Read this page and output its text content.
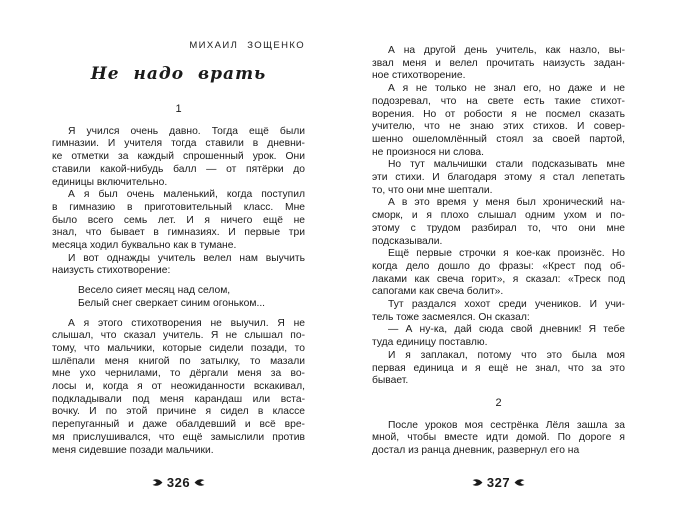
МИХАИЛ ЗОЩЕНКО
Не надо врать
1
Я учился очень давно. Тогда ещё были
гимназии. И учителя тогда ставили в дневни-
ке отметки за каждый спрошенный урок. Они
ставили какой-нибудь балл — от пятёрки до
единицы включительно.
А я был очень маленький, когда поступил
в гимназию в приготовительный класс. Мне
было всего семь лет. И я ничего ещё не
знал, что бывает в гимназиях. И первые три
месяца ходил буквально как в тумане.
И вот однажды учитель велел нам выучить
наизусть стихотворение:
Весело сияет месяц над селом,
Белый снег сверкает синим огоньком...
А я этого стихотворения не выучил. Я не
слышал, что сказал учитель. Я не слышал по-
тому, что мальчики, которые сидели позади, то
шлёпали меня книгой по затылку, то мазали
мне ухо чернилами, то дёргали меня за во-
лосы и, когда я от неожиданности вскакивал,
подкладывали под меня карандаш или вста-
вочку. И по этой причине я сидел в классе
перепуганный и даже обалдевший и всё вре-
мя прислушивался, что ещё замыслили против
меня сидевшие позади мальчики.
326
А на другой день учитель, как назло, вы-
звал меня и велел прочитать наизусть задан-
ное стихотворение.
А я не только не знал его, но даже и не
подозревал, что на свете есть такие стихот-
ворения. Но от робости я не посмел сказать
учителю, что не знаю этих стихов. И совер-
шенно ошеломлённый стоял за своей партой,
не произнося ни слова.
Но тут мальчишки стали подсказывать мне
эти стихи. И благодаря этому я стал лепетать
то, что они мне шептали.
А в это время у меня был хронический на-
сморк, и я плохо слышал одним ухом и по-
этому с трудом разбирал то, что они мне
подсказывали.
Ещё первые строчки я кое-как произнёс. Но
когда дело дошло до фразы: «Крест под об-
лаками как свеча горит», я сказал: «Треск под
сапогами как свеча болит».
Тут раздался хохот среди учеников. И учи-
тель тоже засмеялся. Он сказал:
— А ну-ка, дай сюда свой дневник! Я тебе
туда единицу поставлю.
И я заплакал, потому что это была моя
первая единица и я ещё не знал, что за это
бывает.
2
После уроков моя сестрёнка Лёля зашла за
мной, чтобы вместе идти домой. По дороге я
достал из ранца дневник, развернул его на
327
